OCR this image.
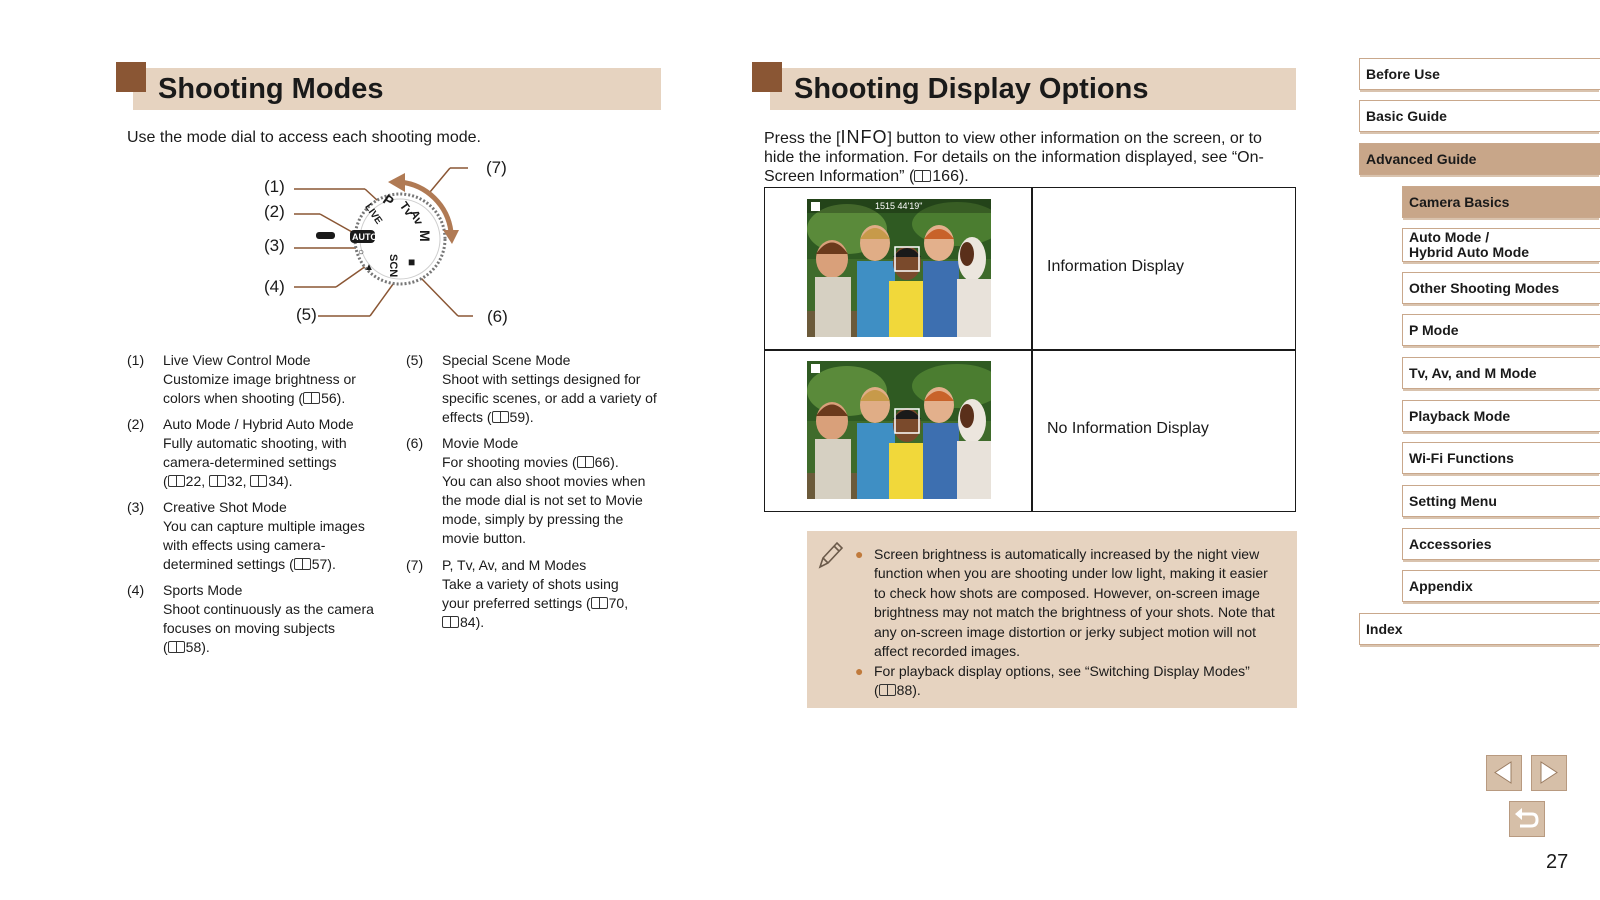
Shooting Modes
Use the mode dial to access each shooting mode.
P Tv
Av
M
LIVE
AUTO
SCN ■
○
▲
(1)
(2)
(3)
(4)
(5)	(6)
(7)
(1) Live View Control Mode
Customize image brightness or
colors when shooting ( 56).
(2) Auto Mode / Hybrid Auto Mode
Fully automatic shooting, with
camera-determined settings
( 22, 32, 34).
(3) Creative Shot Mode
You can capture multiple images
with effects using camera-
determined settings ( 57).
(4) Sports Mode
Shoot continuously as the camera
focuses on moving subjects
( 58).
(5) Special Scene Mode
Shoot with settings designed for
specific scenes, or add a variety of
effects ( 59).
(6) Movie Mode
For shooting movies ( 66).
You can also shoot movies when
the mode dial is not set to Movie
mode, simply by pressing the
movie button.
(7) P, Tv, Av, and M Modes
Take a variety of shots using
your preferred settings ( 70,
84).
Shooting Display Options
Press the [INFO] button to view other information on the screen, or to
hide the information. For details on the information displayed, see “On-
Screen Information” ( 166).
1515 44'19"
Information Display
No Information Display
● Screen brightness is automatically increased by the night view
function when you are shooting under low light, making it easier
to check how shots are composed. However, on-screen image
brightness may not match the brightness of your shots. Note that
any on-screen image distortion or jerky subject motion will not
affect recorded images.
● For playback display options, see “Switching Display Modes”
( 88).
Before Use
Basic Guide
Advanced Guide
Camera Basics
Auto Mode /
Hybrid Auto Mode
Other Shooting Modes
P Mode
Tv, Av, and M Mode
Playback Mode
Wi-Fi Functions
Setting Menu
Accessories
Appendix
Index
27
